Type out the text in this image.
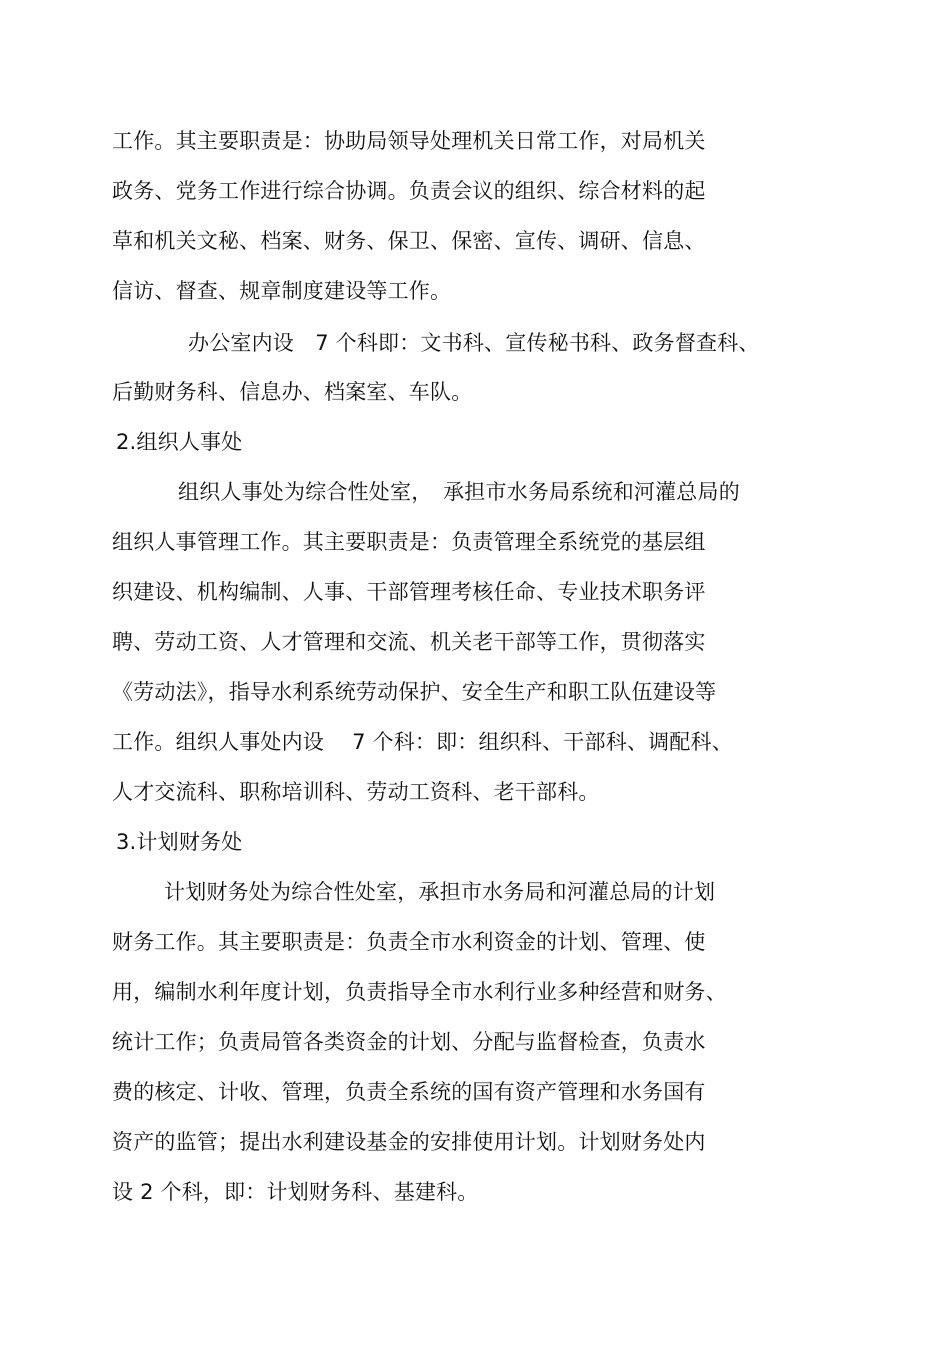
工作。其主要职责是：协助局领导处理机关日常工作，对局机关
政务、党务工作进行综合协调。负责会议的组织、综合材料的起
草和机关文秘、档案、财务、保卫、保密、宣传、调研、信息、
信访、督查、规章制度建设等工作。
办公室内设　7 个科即：文书科、宣传秘书科、政务督查科、
后勤财务科、信息办、档案室、车队。
2.组织人事处
组织人事处为综合性处室，　承担市水务局系统和河灌总局的
组织人事管理工作。其主要职责是：负责管理全系统党的基层组
织建设、机构编制、人事、干部管理考核任命、专业技术职务评
聘、劳动工资、人才管理和交流、机关老干部等工作，贯彻落实
《劳动法》，指导水利系统劳动保护、安全生产和职工队伍建设等
工作。组织人事处内设　 7 个科：即：组织科、干部科、调配科、
人才交流科、职称培训科、劳动工资科、老干部科。
3.计划财务处
计划财务处为综合性处室，承担市水务局和河灌总局的计划
财务工作。其主要职责是：负责全市水利资金的计划、管理、使
用，编制水利年度计划，负责指导全市水利行业多种经营和财务、
统计工作；负责局管各类资金的计划、分配与监督检查，负责水
费的核定、计收、管理，负责全系统的国有资产管理和水务国有
资产的监管；提出水利建设基金的安排使用计划。计划财务处内
设 2 个科，即：计划财务科、基建科。
